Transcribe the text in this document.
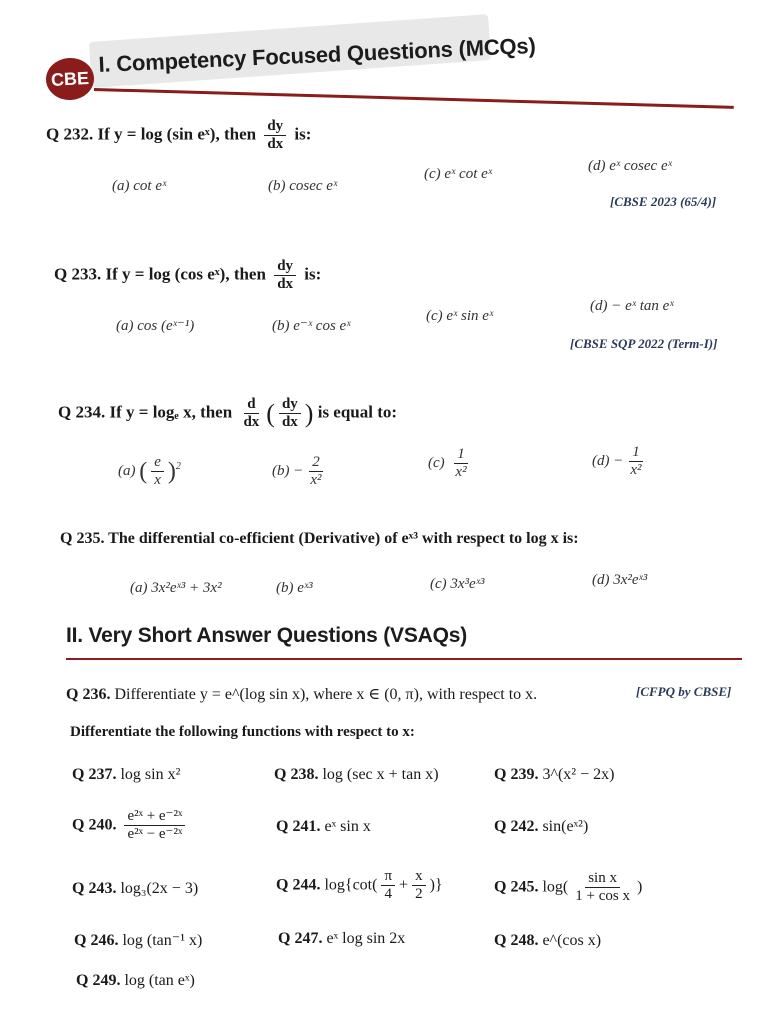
CBE
I. Competency Focused Questions (MCQs)
Q 232. If y = log (sin eˣ), then $\frac{dy}{dx}$ is:
(a) cot eˣ	(b) cosec eˣ
(c) eˣ cot eˣ	(d) eˣ cosec eˣ
[CBSE 2023 (65/4)]
Q 233. If y = log (cos eˣ), then $\frac{dy}{dx}$ is:
(a) cos (eˣ⁻¹)	(b) e⁻ˣ cos eˣ
(c) eˣ sin eˣ
(d) − eˣ tan eˣ
[CBSE SQP 2022 (Term-I)]
Q 234. If y = logₑ x, then $\frac{d}{dx}$ ( $\frac{dy}{dx}$ ) is equal to:
(a) ( $\frac{e}{x} )^2$	$(b) - \frac{2}{\text{x²}}$	$(c) \frac{1}{\text{x²}}$	$(d) - \frac{1}{\text{x²}}$
Q 235. The differential co-efficient (Derivative) of eˣ³ with respect to log x is:
(a) 3x²eˣ³ + 3x²	(b) eˣ³	(c) 3x³eˣ³	(d) 3x²eˣ³
II. Very Short Answer Questions (VSAQs)
Q 236. Differentiate y = e^(log sin x), where x ∈ (0, π), with respect to x.	[CFPQ by CBSE]
Differentiate the following functions with respect to x:
Q 237. log sin x²	Q 238. log (sec x + tan x)	Q 239. 3^(x² − 2x)
Q 240. $\frac{\text{e²ˣ + e⁻²ˣ}}{\text{e²ˣ − e⁻²ˣ}}$	Q 241. eˣ sin x	Q 242. sin(eˣ²)
Q 243. log₃(2x − 3)	Q 244. $\log\{\cot( \frac{\pi}{4} + \frac{x}{2}$ )}	Q 245. $\log( \frac{\text{sin x}}{\text{1 + cos x}}$ )
Q 246. log (tan⁻¹ x)	Q 247. eˣ log sin 2x	Q 248. e^(cos x)
Q 249. log (tan eˣ)
